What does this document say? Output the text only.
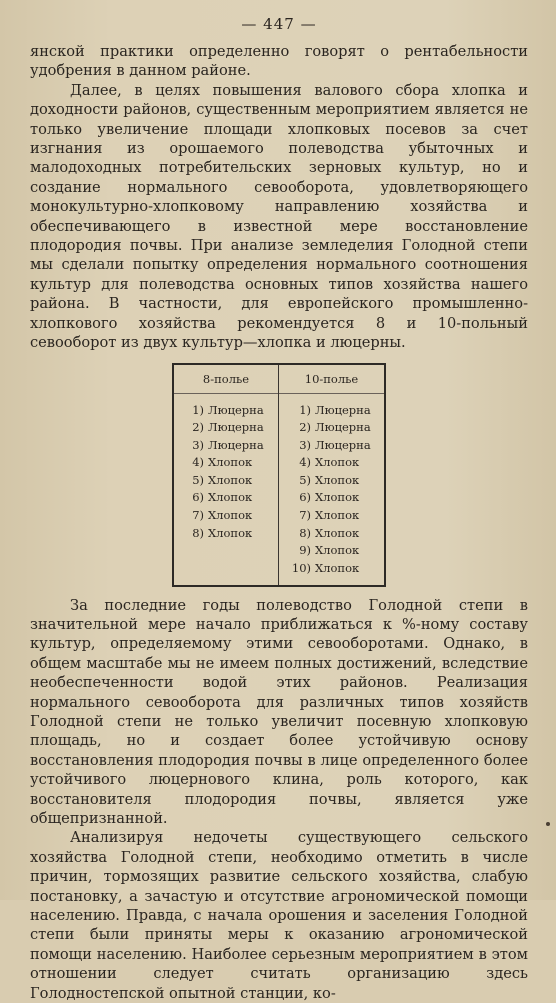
— 447 —

янской практики определенно говорят о рентабельности удобрения в данном районе.

Далее, в целях повышения валового сбора хлопка и доходности районов, существенным мероприятием является не только увеличение площади хлопковых посевов за счет изгнания из орошаемого полеводства убыточных и малодоходных потребительских зерновых культур, но и создание нормального севооборота, удовлетворяющего монокультурно-хлопковому направлению хозяйства и обеспечивающего в известной мере восстановление плодородия почвы. При анализе земледелия Голодной степи мы сделали попытку определения нормального соотношения культур для полеводства основных типов хозяйства нашего района. В частности, для европейского промышленно-хлопкового хозяйства рекомендуется 8 и 10-польный севооборот из двух культур—хлопка и люцерны.

8-полье
1) Люцерна
2) Люцерна
3) Люцерна
4) Хлопок
5) Хлопок
6) Хлопок
7) Хлопок
8) Хлопок
10-полье
1) Люцерна
2) Люцерна
3) Люцерна
4) Хлопок
5) Хлопок
6) Хлопок
7) Хлопок
8) Хлопок
9) Хлопок
10) Хлопок

За последние годы полеводство Голодной степи в значительной мере начало приближаться к %-ному составу культур, определяемому этими севооборотами. Однако, в общем масштабе мы не имеем полных достижений, вследствие необеспеченности водой этих районов. Реализация нормального севооборота для различных типов хозяйств Голодной степи не только увеличит посевную хлопковую площадь, но и создает более устойчивую основу восстановления плодородия почвы в лице определенного более устойчивого люцернового клина, роль которого, как восстановителя плодородия почвы, является уже общепризнанной.

Анализируя недочеты существующего сельского хозяйства Голодной степи, необходимо отметить в числе причин, тормозящих развитие сельского хозяйства, слабую постановку, а зачастую и отсутствие агрономической помощи населению. Правда, с начала орошения и заселения Голодной степи были приняты меры к оказанию агрономической помощи населению. Наиболее серьезным мероприятием в этом отношении следует считать организацию здесь Голодностепской опытной станции, ко-
